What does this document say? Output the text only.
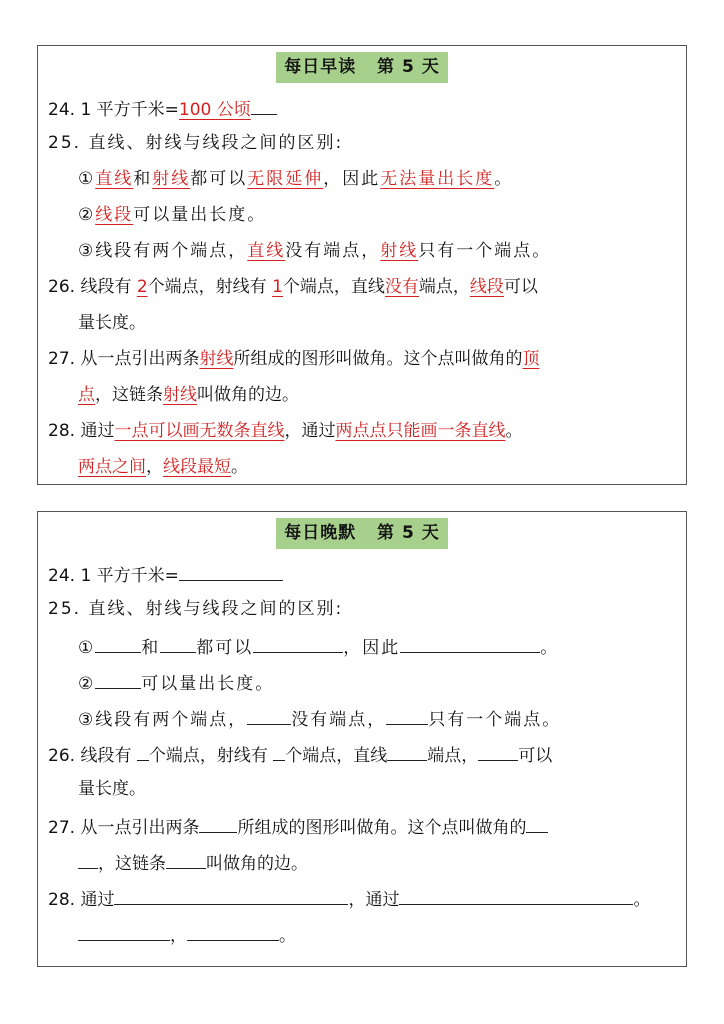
每日早读   第 5 天
24. 1 平方千米=100 公顷
25. 直线、射线与线段之间的区别:
①直线和射线都可以无限延伸，因此无法量出长度。
②线段可以量出长度。
③线段有两个端点，直线没有端点，射线只有一个端点。
26. 线段有 2个端点，射线有 1个端点，直线没有端点，线段可以
量长度。
27. 从一点引出两条射线所组成的图形叫做角。这个点叫做角的顶
点，这链条射线叫做角的边。
28. 通过一点可以画无数条直线，通过两点点只能画一条直线。
两点之间，线段最短。
每日晚默   第 5 天
24. 1 平方千米=
25. 直线、射线与线段之间的区别:
①	和 都可以	，因此	。
②	可以量出长度。
③线段有两个端点，	没有端点， 只有一个端点。
26. 线段有 个端点，射线有 个端点，直线 端点， 可以
量长度。
27. 从一点引出两条 所组成的图形叫做角。这个点叫做角的
，这链条 叫做角的边。
28. 通过	，通过	。
，	。
